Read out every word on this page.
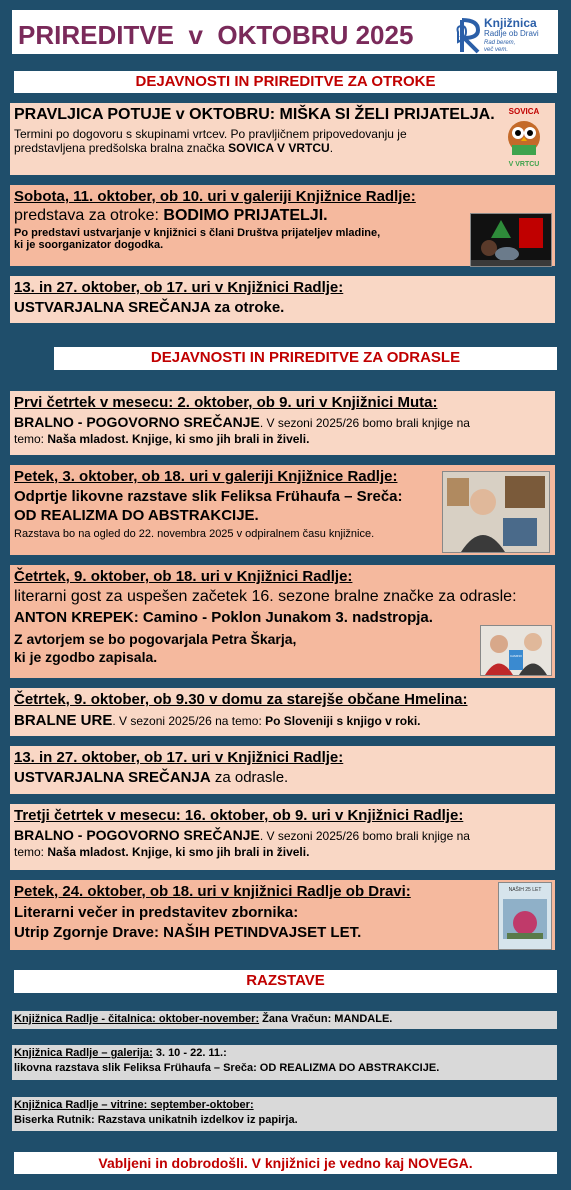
PRIREDITVE  v  OKTOBRU 2025	Knjižnica
Radlje ob Dravi
Rad berem,
več vem.
DEJAVNOSTI IN PRIREDITVE ZA OTROKE

PRAVLJICA POTUJE v OKTOBRU: MIŠKA SI ŽELI PRIJATELJA.

Termini po dogovoru s skupinami vrtcev. Po pravljičnem pripovedovanju je

predstavljena predšolska bralna značka SOVICA V VRTCU.

SOVICA
V VRTCU

Sobota, 11. oktober, ob 10. uri v galeriji Knjižnice Radlje:

predstava za otroke: BODIMO PRIJATELJI.

Po predstavi ustvarjanje v knjižnici s člani Društva prijateljev mladine,

ki je soorganizator dogodka.

13. in 27. oktober, ob 17. uri v Knjižnici Radlje:

USTVARJALNA SREČANJA za otroke.

DEJAVNOSTI IN PRIREDITVE ZA ODRASLE

Prvi četrtek v mesecu: 2. oktober, ob 9. uri v Knjižnici Muta:

BRALNO - POGOVORNO SREČANJE. V sezoni 2025/26 bomo brali knjige na

temo: Naša mladost. Knjige, ki smo jih brali in živeli.

Petek, 3. oktober, ob 18. uri v galeriji Knjižnice Radlje:

Odprtje likovne razstave slik Feliksa Frühaufa – Sreča:

OD REALIZMA DO ABSTRAKCIJE.

Razstava bo na ogled do 22. novembra 2025 v odpiralnem času knjižnice.

Četrtek, 9. oktober, ob 18. uri v Knjižnici Radlje:

literarni gost za uspešen začetek 16. sezone bralne značke za odrasle:

ANTON KREPEK: Camino - Poklon Junakom 3. nadstropja.

Z avtorjem se bo pogovarjala Petra Škarja,

ki je zgodbo zapisala.	CAMINO

Četrtek, 9. oktober, ob 9.30 v domu za starejše občane Hmelina:

BRALNE URE. V sezoni 2025/26 na temo: Po Sloveniji s knjigo v roki.

13. in 27. oktober, ob 17. uri v Knjižnici Radlje:

USTVARJALNA SREČANJA za odrasle.

Tretji četrtek v mesecu: 16. oktober, ob 9. uri v Knjižnici Radlje:

BRALNO - POGOVORNO SREČANJE. V sezoni 2025/26 bomo brali knjige na

temo: Naša mladost. Knjige, ki smo jih brali in živeli.

Petek, 24. oktober, ob 18. uri v knjižnici Radlje ob Dravi:

Literarni večer in predstavitev zbornika:

Utrip Zgornje Drave: NAŠIH PETINDVAJSET LET.

NAŠIH 25 LET
RAZSTAVE

Knjižnica Radlje - čitalnica: oktober-november: Žana Vračun: MANDALE.

Knjižnica Radlje – galerija: 3. 10 - 22. 11.:

likovna razstava slik Feliksa Frühaufa – Sreča: OD REALIZMA DO ABSTRAKCIJE.

Knjižnica Radlje – vitrine: september-oktober:

Biserka Rutnik: Razstava unikatnih izdelkov iz papirja.

Vabljeni in dobrodošli. V knjižnici je vedno kaj NOVEGA.
